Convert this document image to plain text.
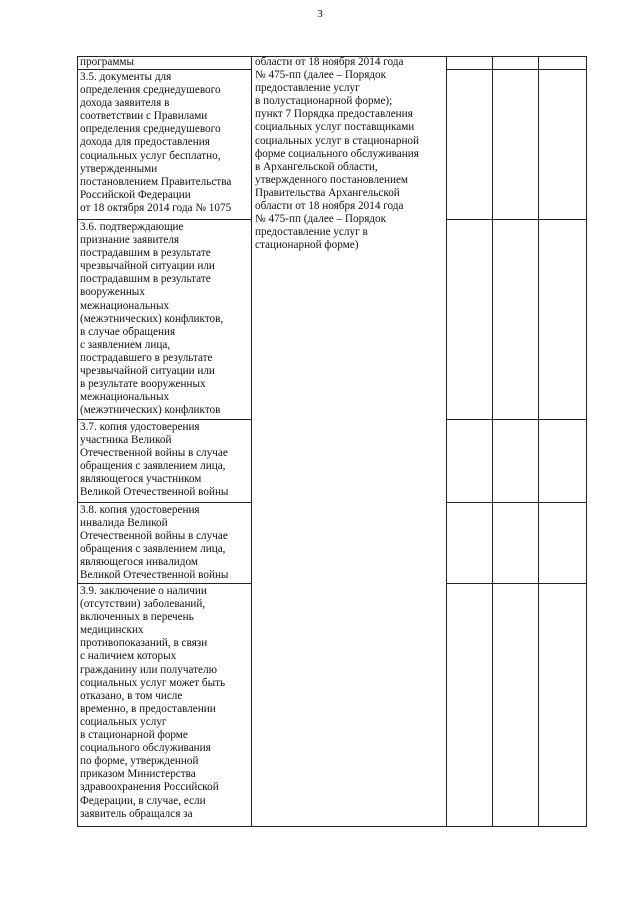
3
программы
3.5. документы для
определения среднедушевого
дохода заявителя в
соответствии с Правилами
определения среднедушевого
дохода для предоставления
социальных услуг бесплатно,
утвержденными
постановлением Правительства
Российской Федерации
от 18 октября 2014 года № 1075
3.6. подтверждающие
признание заявителя
пострадавшим в результате
чрезвычайной ситуации или
пострадавшим в результате
вооруженных
межнациональных
(межэтнических) конфликтов,
в случае обращения
с заявлением лица,
пострадавшего в результате
чрезвычайной ситуации или
в результате вооруженных
межнациональных
(межэтнических) конфликтов
3.7. копия удостоверения
участника Великой
Отечественной войны в случае
обращения с заявлением лица,
являющегося участником
Великой Отечественной войны
3.8. копия удостоверения
инвалида Великой
Отечественной войны в случае
обращения с заявлением лица,
являющегося инвалидом
Великой Отечественной войны
3.9. заключение о наличии
(отсутствии) заболеваний,
включенных в перечень
медицинских
противопоказаний, в связи
с наличием которых
гражданину или получателю
социальных услуг может быть
отказано, в том числе
временно, в предоставлении
социальных услуг
в стационарной форме
социального обслуживания
по форме, утвержденной
приказом Министерства
здравоохранения Российской
Федерации, в случае, если
заявитель обращался за
области от 18 ноября 2014 года
№ 475-пп (далее – Порядок
предоставление услуг
в полустационарной форме);
пункт 7 Порядка предоставления
социальных услуг поставщиками
социальных услуг в стационарной
форме социального обслуживания
в Архангельской области,
утвержденного постановлением
Правительства Архангельской
области от 18 ноября 2014 года
№ 475-пп (далее – Порядок
предоставление услуг в
стационарной форме)
